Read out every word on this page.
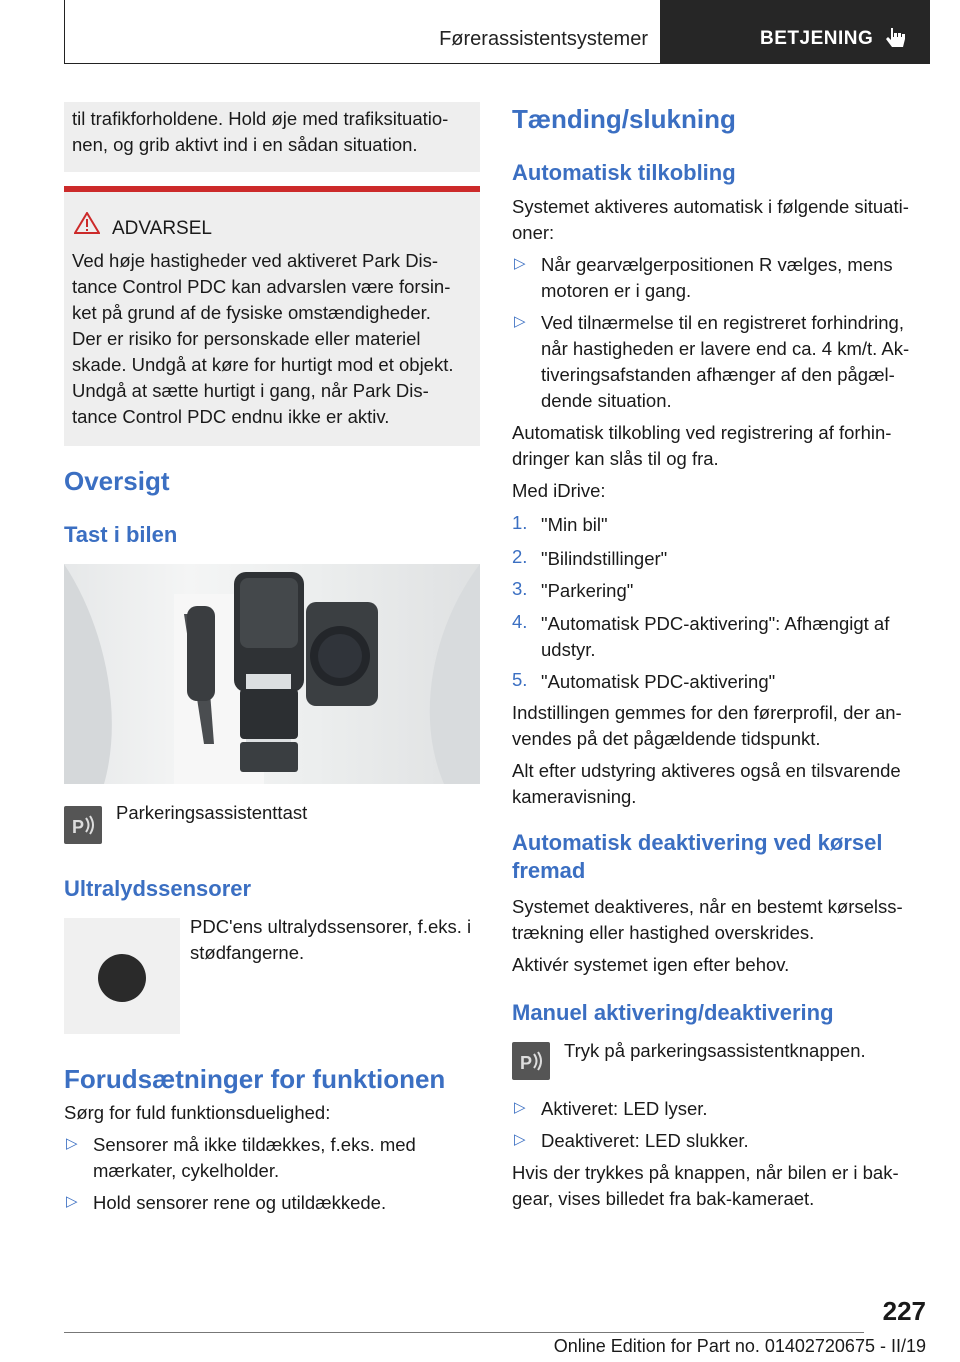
Førerassistentsystemer	BETJENING

til trafikforholdene. Hold øje med trafiksituatio-

nen, og grib aktivt ind i en sådan situation.

ADVARSEL

Ved høje hastigheder ved aktiveret Park Dis-

tance Control PDC kan advarslen være forsin-

ket på grund af de fysiske omstændigheder.

Der er risiko for personskade eller materiel

skade. Undgå at køre for hurtigt mod et objekt.

Undgå at sætte hurtigt i gang, når Park Dis-

tance Control PDC endnu ikke er aktiv.

Oversigt
Tast i bilen
P

Parkeringsassistenttast

Ultralydssensorer

PDC'ens ultralydssensorer, f.eks. i

stødfangerne.

Forudsætninger for funktionen

Sørg for fuld funktionsduelighed:

▷ Sensorer må ikke tildækkes, f.eks. med

mærkater, cykelholder.

▷ Hold sensorer rene og utildækkede.

Tænding/slukning
Automatisk tilkobling

Systemet aktiveres automatisk i følgende situati-

oner:

▷ Når gearvælgerpositionen R vælges, mens

motoren er i gang.

▷ Ved tilnærmelse til en registreret forhindring,

når hastigheden er lavere end ca. 4 km/t. Ak-

tiveringsafstanden afhænger af den pågæl-

dende situation.

Automatisk tilkobling ved registrering af forhin-

dringer kan slås til og fra.

Med iDrive:

1. "Min bil"

2. "Bilindstillinger"

3. "Parkering"

4. "Automatisk PDC-aktivering": Afhængigt af

udstyr.

5. "Automatisk PDC-aktivering"

Indstillingen gemmes for den førerprofil, der an-

vendes på det pågældende tidspunkt.

Alt efter udstyring aktiveres også en tilsvarende

kameravisning.

Automatisk deaktivering ved kørsel
fremad

Systemet deaktiveres, når en bestemt kørselss-

trækning eller hastighed overskrides.

Aktivér systemet igen efter behov.

Manuel aktivering/deaktivering
P

Tryk på parkeringsassistentknappen.

▷ Aktiveret: LED lyser.

▷ Deaktiveret: LED slukker.

Hvis der trykkes på knappen, når bilen er i bak-

gear, vises billedet fra bak-kameraet.

227
Online Edition for Part no. 01402720675 - II/19
